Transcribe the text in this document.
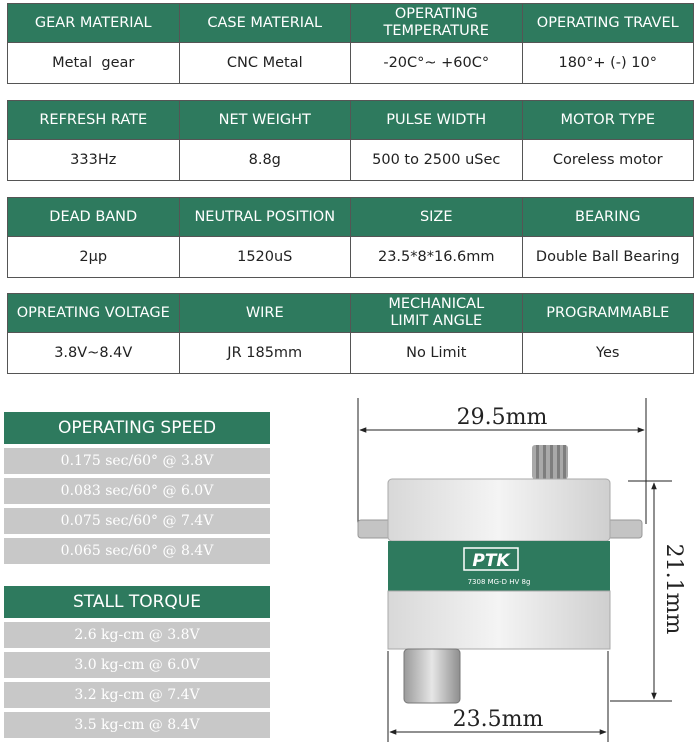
GEAR MATERIAL	CASE MATERIAL	OPERATING TEMPERATURE	OPERATING TRAVEL
Metal  gear	CNC Metal	-20C°~ +60C°	180°+ (-) 10°
REFRESH RATE	NET WEIGHT	PULSE WIDTH	MOTOR TYPE
333Hz	8.8g	500 to 2500 uSec	Coreless motor
DEAD BAND	NEUTRAL POSITION	SIZE	BEARING
2μp	1520uS	23.5*8*16.6mm	Double Ball Bearing
OPREATING VOLTAGE	WIRE	MECHANICAL LIMIT ANGLE	PROGRAMMABLE
3.8V~8.4V	JR 185mm	No Limit	Yes
OPERATING SPEED
0.175 sec/60° @ 3.8V
0.083 sec/60° @ 6.0V
0.075 sec/60° @ 7.4V
0.065 sec/60° @ 8.4V
STALL TORQUE
2.6 kg-cm @ 3.8V
3.0 kg-cm @ 6.0V
3.2 kg-cm @ 7.4V
3.5 kg-cm @ 8.4V
29.5mm
21.1mm
23.5mm
PTK
7308 MG-D HV 8g
